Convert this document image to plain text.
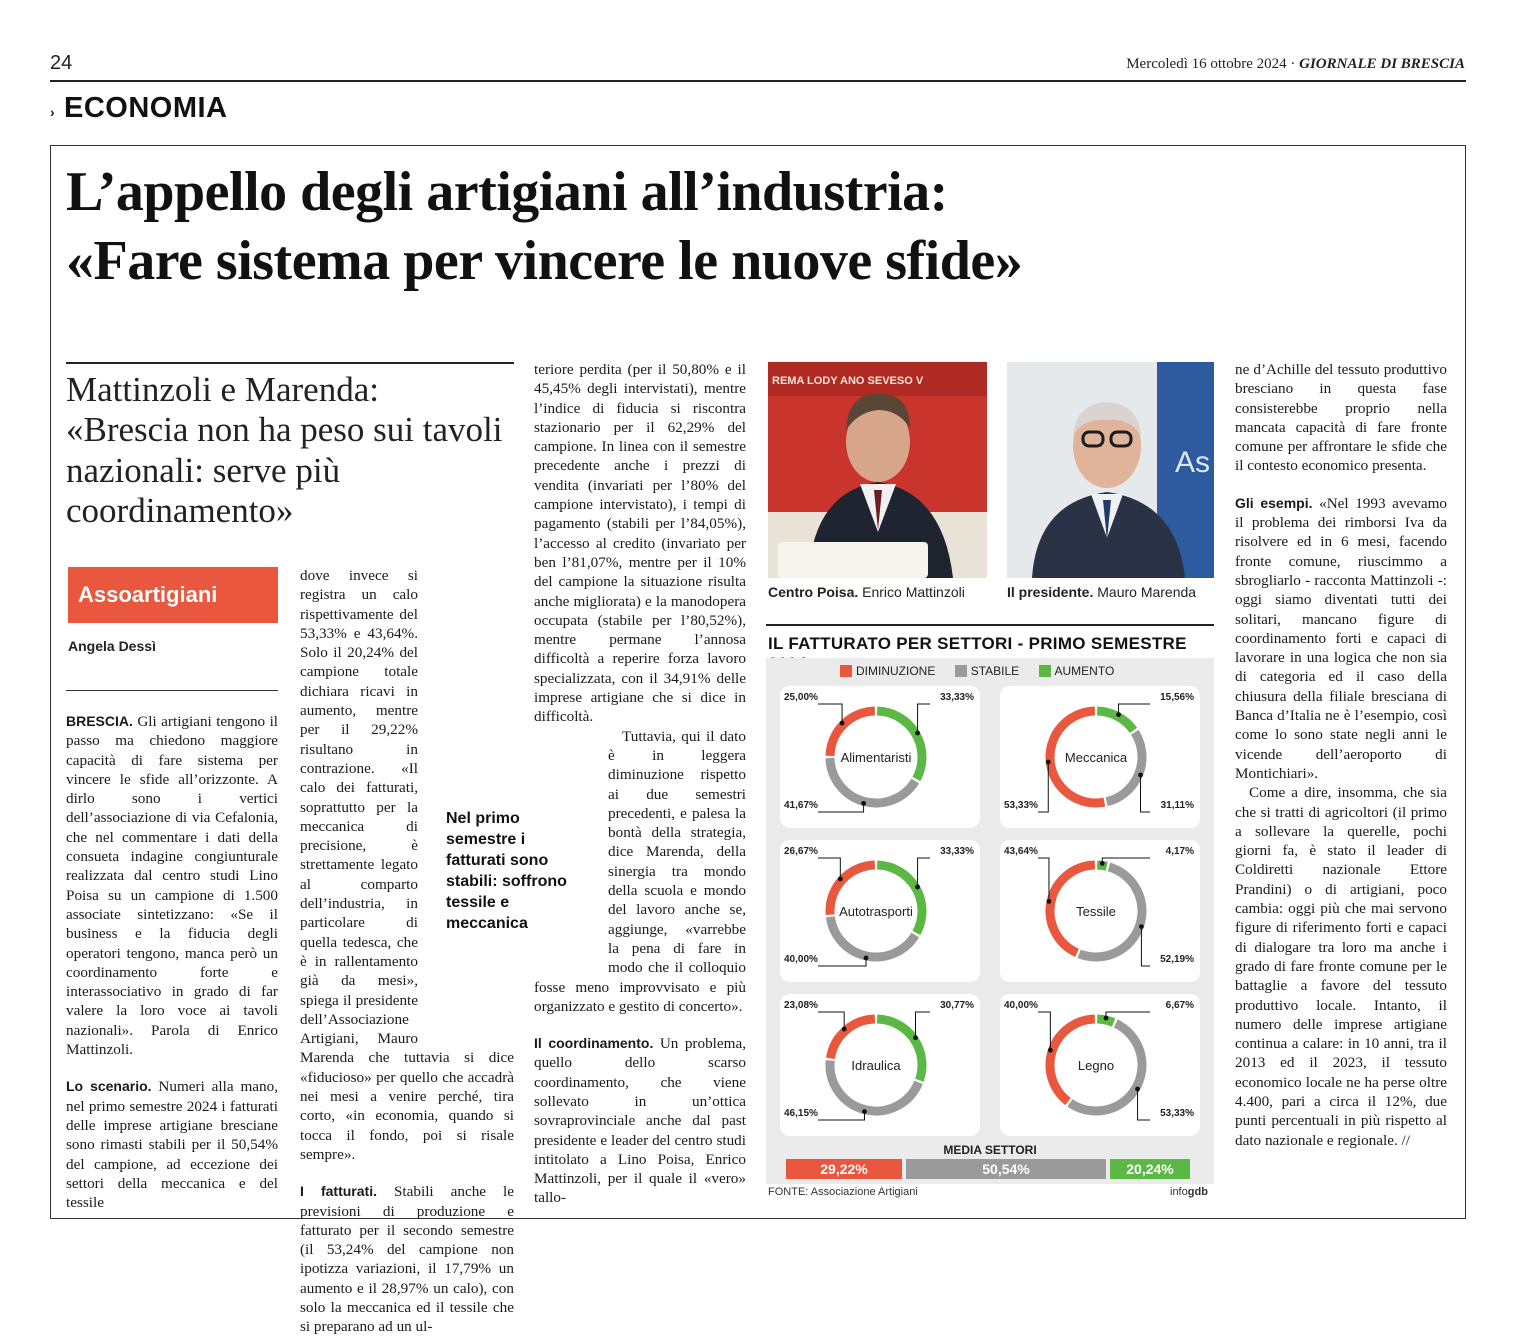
24	Mercoledì 16 ottobre 2024 · GIORNALE DI BRESCIA
› ECONOMIA
L’appello degli artigiani all’industria:
«Fare sistema per vincere le nuove sfide»
Mattinzoli e Marenda: «Brescia non ha peso sui tavoli nazionali: serve più coordinamento»
Assoartigiani
Angela Dessì

BRESCIA. Gli artigiani tengono il passo ma chiedono maggiore capacità di fare sistema per vincere le sfide all’orizzonte. A dirlo sono i vertici dell’associazione di via Cefalonia, che nel commentare i dati della consueta indagine congiunturale realizzata dal centro studi Lino Poisa su un campione di 1.500 associate sintetizzano: «Se il business e la fiducia degli operatori tengono, manca però un coordinamento forte e interassociativo in grado di far valere la loro voce ai tavoli nazionali». Parola di Enrico Mattinzoli.

Lo scenario. Numeri alla mano, nel primo semestre 2024 i fatturati delle imprese artigiane bresciane sono rimasti stabili per il 50,54% del campione, ad eccezione dei settori della meccanica e del tessile

dove invece si registra un calo rispettivamente del 53,33% e 43,64%. Solo il 20,24% del campione totale dichiara ricavi in aumento, mentre per il 29,22% risultano in contrazione. «Il calo dei fatturati, soprattutto per la meccanica di precisione, è strettamente legato al comparto dell’industria, in particolare di quella tedesca, che è in rallentamento già da mesi», spiega il presidente dell’Associazione Artigiani, Mauro Marenda che tuttavia si dice «fiducioso» per quello che accadrà nei mesi a venire perché, tira corto, «in economia, quando si tocca il fondo, poi si risale sempre».

I fatturati. Stabili anche le previsioni di produzione e fatturato per il secondo semestre (il 53,24% del campione non ipotizza variazioni, il 17,79% un aumento e il 28,97% un calo), con solo la meccanica ed il tessile che si preparano ad un ul-

teriore perdita (per il 50,80% e il 45,45% degli intervistati), mentre l’indice di fiducia si riscontra stazionario per il 62,29% del campione. In linea con il semestre precedente anche i prezzi di vendita (invariati per l’80% del campione intervistato), i tempi di pagamento (stabili per l’84,05%), l’accesso al credito (invariato per ben l’81,07%, mentre per il 10% del campione la situazione risulta anche migliorata) e la manodopera occupata (stabile per l’80,52%), mentre permane l’annosa difficoltà a reperire forza lavoro specializzata, con il 34,91% delle imprese artigiane che si dice in difficoltà.

Tuttavia, qui il dato è in leggera diminuzione rispetto ai due semestri precedenti, e palesa la bontà della strategia, dice Marenda, della sinergia tra mondo della scuola e mondo del lavoro anche se, aggiunge, «varrebbe la pena di fare in modo che il colloquio fosse meno improvvisato e più organizzato e gestito di concerto».

Il coordinamento. Un problema, quello dello scarso coordinamento, che viene sollevato in un’ottica sovraprovinciale anche dal past presidente e leader del centro studi intitolato a Lino Poisa, Enrico Mattinzoli, per il quale il «vero» tallo-

Nel primo semestre i fatturati sono stabili: soffrono tessile e meccanica
REMA LODY ANO SEVESO V
Centro Poisa. Enrico Mattinzoli
As
Il presidente. Mauro Marenda
IL FATTURATO PER SETTORI - PRIMO SEMESTRE
DIMINUZIONE	STABILE	AUMENTO
33,33%
41,67%
25,00%
Alimentaristi
15,56%
31,11%
53,33%
Meccanica
33,33%
40,00%
26,67%
Autotrasporti
4,17%
52,19%
43,64%
Tessile
30,77%
46,15%
23,08%
Idraulica
6,67%
53,33%
40,00%
Legno
MEDIA SETTORI
29,22%	50,54%	20,24%
FONTE: Associazione Artigiani	infogdb

ne d’Achille del tessuto produttivo bresciano in questa fase consisterebbe proprio nella mancata capacità di fare fronte comune per affrontare le sfide che il contesto economico presenta.

Gli esempi. «Nel 1993 avevamo il problema dei rimborsi Iva da risolvere ed in 6 mesi, facendo fronte comune, riuscimmo a sbrogliarlo - racconta Mattinzoli -: oggi siamo diventati tutti dei solitari, mancano figure di coordinamento forti e capaci di lavorare in una logica che non sia di categoria ed il caso della chiusura della filiale bresciana di Banca d’Italia ne è l’esempio, così come lo sono state negli anni le vicende dell’aeroporto di Montichiari».

Come a dire, insomma, che sia che si tratti di agricoltori (il primo a sollevare la querelle, pochi giorni fa, è stato il leader di Coldiretti nazionale Ettore Prandini) o di artigiani, poco cambia: oggi più che mai servono figure di riferimento forti e capaci di dialogare tra loro ma anche i grado di fare fronte comune per le battaglie a favore del tessuto produttivo locale. Intanto, il numero delle imprese artigiane continua a calare: in 10 anni, tra il 2013 ed il 2023, il tessuto economico locale ne ha perse oltre 4.400, pari a circa il 12%, due punti percentuali in più rispetto al dato nazionale e regionale. //
